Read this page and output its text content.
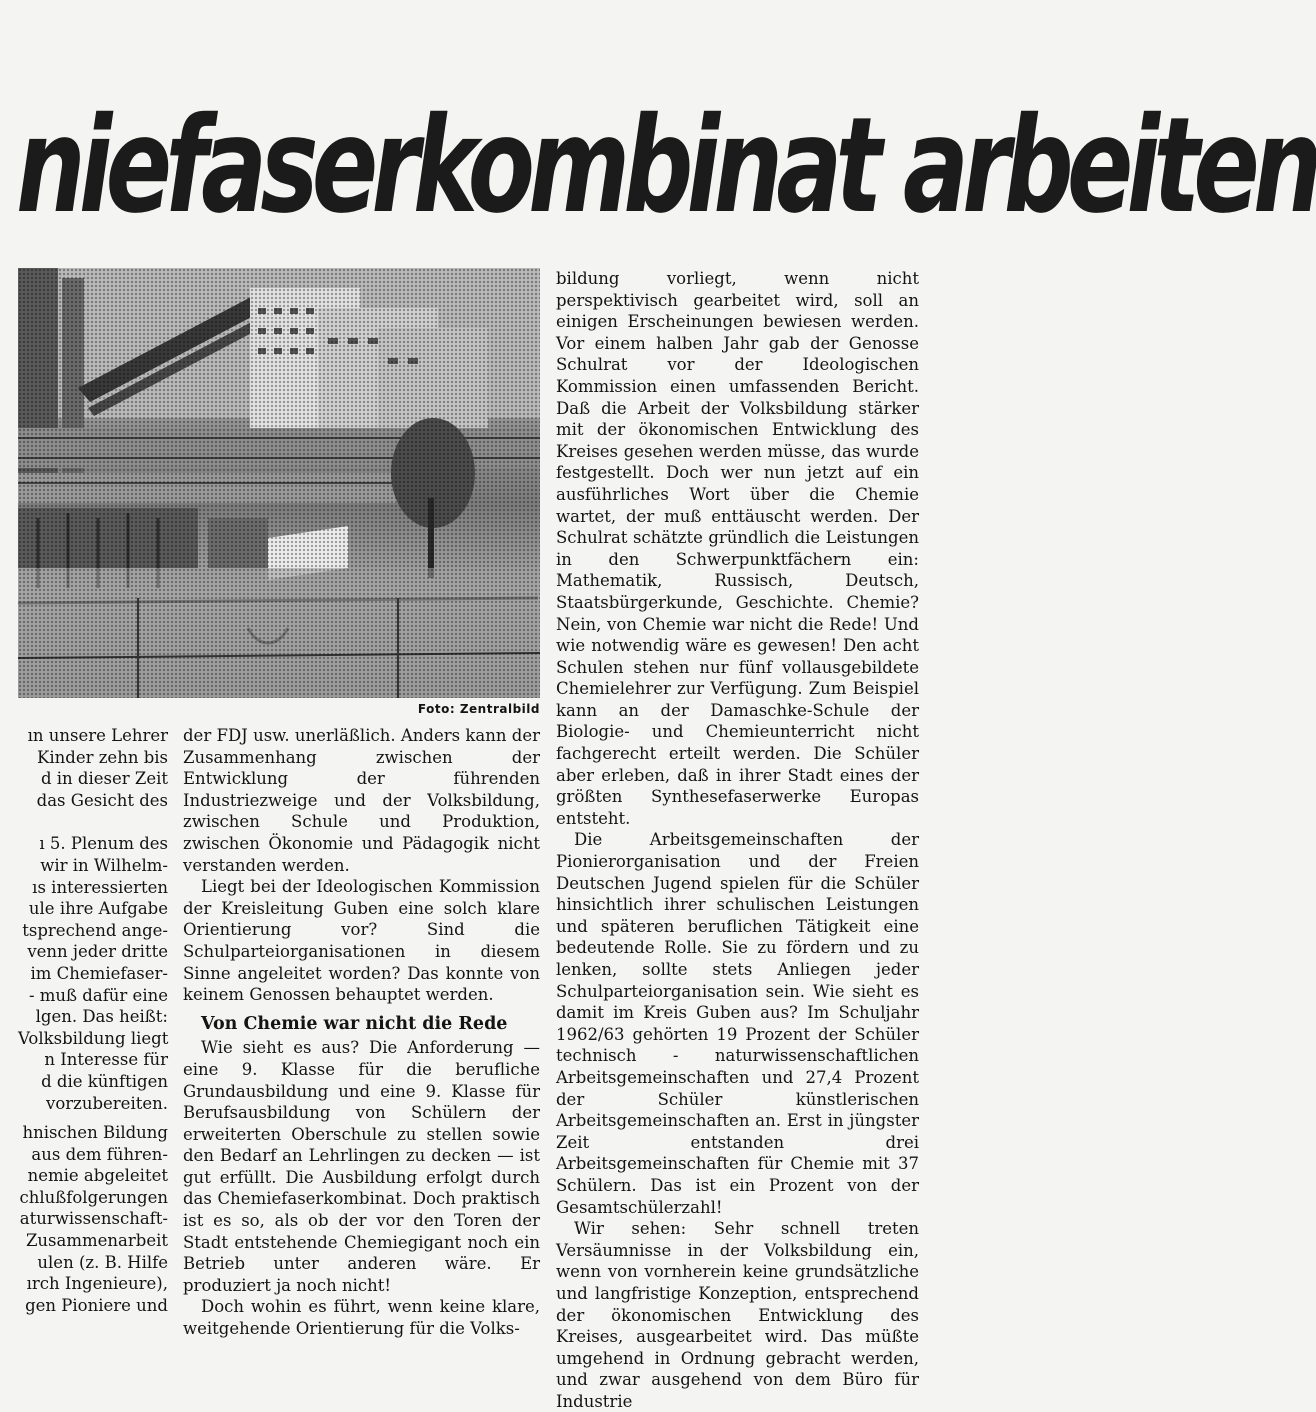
niefaserkombinat arbeiten
Foto: Zentralbild
ın unsere Lehrer
Kinder zehn bis
d in dieser Zeit
das Gesicht des
ı 5. Plenum des
wir in Wilhelm-
ıs interessierten
ule ihre Aufgabe
tsprechend ange-
venn jeder dritte
im Chemiefaser-
- muß dafür eine
lgen. Das heißt:
Volksbildung liegt
n Interesse für
d die künftigen
vorzubereiten.
hnischen Bildung
aus dem führen-
nemie abgeleitet
chlußfolgerungen
aturwissenschaft-
Zusammenarbeit
ulen (z. B. Hilfe
ırch Ingenieure),
gen Pioniere und

der FDJ usw. unerläßlich. Anders kann der Zusammenhang zwischen der Entwicklung der führenden Industriezweige und der Volksbildung, zwischen Schule und Produktion, zwischen Ökonomie und Pädagogik nicht verstanden werden.

Liegt bei der Ideologischen Kommission der Kreisleitung Guben eine solch klare Orientierung vor? Sind die Schulparteiorganisationen in diesem Sinne angeleitet worden? Das konnte von keinem Genossen behauptet werden.

Von Chemie war nicht die Rede

Wie sieht es aus? Die Anforderung — eine 9. Klasse für die berufliche Grundausbildung und eine 9. Klasse für Berufsausbildung von Schülern der erweiterten Oberschule zu stellen sowie den Bedarf an Lehrlingen zu decken — ist gut erfüllt. Die Ausbildung erfolgt durch das Chemiefaserkombinat. Doch praktisch ist es so, als ob der vor den Toren der Stadt entstehende Chemiegigant noch ein Betrieb unter anderen wäre. Er produziert ja noch nicht!

Doch wohin es führt, wenn keine klare, weitgehende Orientierung für die Volks-

bildung vorliegt, wenn nicht perspektivisch gearbeitet wird, soll an einigen Erscheinungen bewiesen werden. Vor einem halben Jahr gab der Genosse Schulrat vor der Ideologischen Kommission einen umfassenden Bericht. Daß die Arbeit der Volksbildung stärker mit der ökonomischen Entwicklung des Kreises gesehen werden müsse, das wurde festgestellt. Doch wer nun jetzt auf ein ausführliches Wort über die Chemie wartet, der muß enttäuscht werden. Der Schulrat schätzte gründlich die Leistungen in den Schwerpunktfächern ein: Mathematik, Russisch, Deutsch, Staatsbürgerkunde, Geschichte. Chemie? Nein, von Chemie war nicht die Rede! Und wie notwendig wäre es gewesen! Den acht Schulen stehen nur fünf vollausgebildete Chemielehrer zur Verfügung. Zum Beispiel kann an der Damaschke-Schule der Biologie- und Chemieunterricht nicht fachgerecht erteilt werden. Die Schüler aber erleben, daß in ihrer Stadt eines der größten Synthesefaserwerke Europas entsteht.

Die Arbeitsgemeinschaften der Pionierorganisation und der Freien Deutschen Jugend spielen für die Schüler hinsichtlich ihrer schulischen Leistungen und späteren beruflichen Tätigkeit eine bedeutende Rolle. Sie zu fördern und zu lenken, sollte stets Anliegen jeder Schulparteiorganisation sein. Wie sieht es damit im Kreis Guben aus? Im Schuljahr 1962/63 gehörten 19 Prozent der Schüler technisch - naturwissenschaftlichen Arbeitsgemeinschaften und 27,4 Prozent der Schüler künstlerischen Arbeitsgemeinschaften an. Erst in jüngster Zeit entstanden drei Arbeitsgemeinschaften für Chemie mit 37 Schülern. Das ist ein Prozent von der Gesamtschülerzahl!

Wir sehen: Sehr schnell treten Versäumnisse in der Volksbildung ein, wenn von vornherein keine grundsätzliche und langfristige Konzeption, entsprechend der ökonomischen Entwicklung des Kreises, ausgearbeitet wird. Das müßte umgehend in Ordnung gebracht werden, und zwar ausgehend von dem Büro für Industrie
